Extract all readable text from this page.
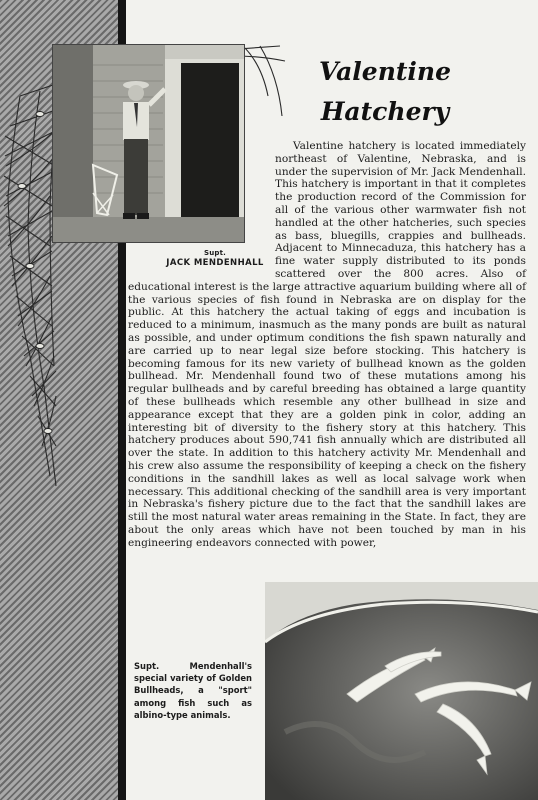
Supt.
JACK MENDENHALL
Valentine
Hatchery

Valentine hatchery is located immediately northeast of Valentine, Nebraska, and is under the supervision of Mr. Jack Mendenhall. This hatchery is important in that it completes the production record of the Commission for all of the various other warmwater fish not handled at the other hatcheries, such species as bass, bluegills, crappies and bullheads. Adjacent to Minnecaduza, this hatchery has a fine water supply distributed to its ponds scattered over the 800 acres. Also of educational interest is the large attractive aquarium building where all of the various species of fish found in Nebraska are on display for the public. At this hatchery the actual taking of eggs and incubation is reduced to a minimum, inasmuch as the many ponds are built as natural as possible, and under optimum conditions the fish spawn naturally and are carried up to near legal size before stocking. This hatchery is becoming famous for its new variety of bullhead known as the golden bullhead. Mr. Mendenhall found two of these mutations among his regular bullheads and by careful breeding has obtained a large quantity of these bullheads which resemble any other bullhead in size and appearance except that they are a golden pink in color, adding an interesting bit of diversity to the fishery story at this hatchery. This hatchery produces about 590,741 fish annually which are distributed all over the state. In addition to this hatchery activity Mr. Mendenhall and his crew also assume the responsibility of keeping a check on the fishery conditions in the sandhill lakes as well as local salvage work when necessary. This additional checking of the sandhill area is very important in Nebraska's fishery picture due to the fact that the sandhill lakes are still the most natural water areas remaining in the State. In fact, they are about the only areas which have not been touched by man in his engineering endeavors connected with power,

Supt. Mendenhall's special variety of Golden Bullheads, a "sport" among fish such as albino-type animals.
